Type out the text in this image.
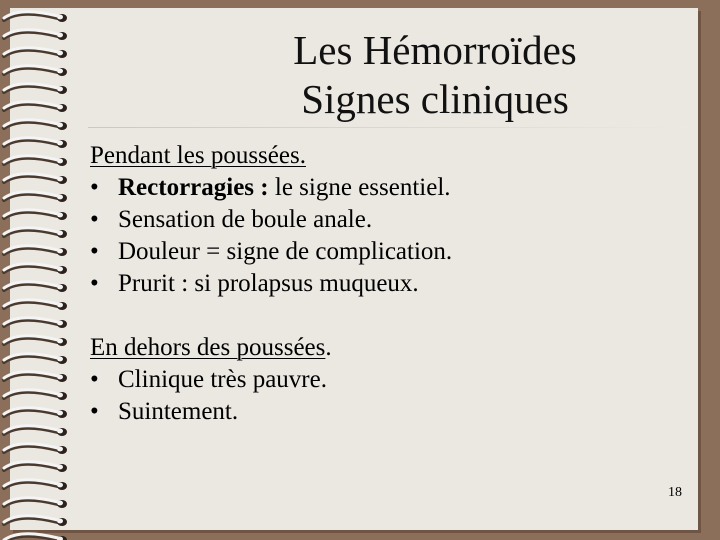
Les Hémorroïdes
Signes cliniques
Pendant les poussées.
• Rectorragies : le signe essentiel.
• Sensation de boule anale.
• Douleur = signe de complication.
• Prurit : si prolapsus muqueux.
En dehors des poussées.
• Clinique très pauvre.
• Suintement.
18
